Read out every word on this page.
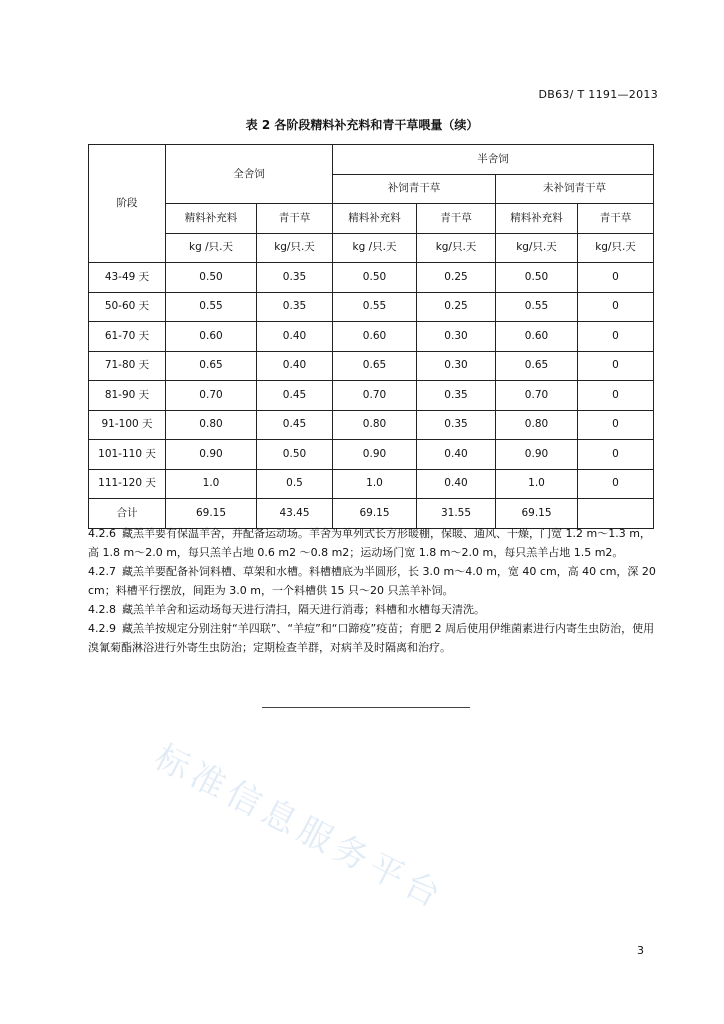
DB63/ T 1191—2013
表 2 各阶段精料补充料和青干草喂量（续）
阶段	全舍饲		半舍饲			
			补饲青干草		未补饲青干草	
	精料补充料	青干草	精料补充料	青干草	精料补充料	青干草
	kg /只.天	kg/只.天	kg /只.天	kg/只.天	kg/只.天	kg/只.天
43-49 天	0.50	0.35	0.50	0.25	0.50	0
50-60 天	0.55	0.35	0.55	0.25	0.55	0
61-70 天	0.60	0.40	0.60	0.30	0.60	0
71-80 天	0.65	0.40	0.65	0.30	0.65	0
81-90 天	0.70	0.45	0.70	0.35	0.70	0
91-100 天	0.80	0.45	0.80	0.35	0.80	0
101-110 天	0.90	0.50	0.90	0.40	0.90	0
111-120 天	1.0	0.5	1.0	0.40	1.0	0
合计	69.15	43.45	69.15	31.55	69.15	

4.2.6 藏羔羊要有保温羊舍，并配备运动场。羊舍为单列式长方形暖棚，保暖、通风、干燥，门宽 1.2 m～1.3 m，高 1.8 m～2.0 m，每只羔羊占地 0.6 m2 ～0.8 m2；运动场门宽 1.8 m～2.0 m，每只羔羊占地 1.5 m2。

4.2.7 藏羔羊要配备补饲料槽、草架和水槽。料槽槽底为半圆形，长 3.0 m～4.0 m，宽 40 cm，高 40 cm，深 20 cm；料槽平行摆放，间距为 3.0 m，一个料槽供 15 只～20 只羔羊补饲。

4.2.8 藏羔羊羊舍和运动场每天进行清扫，隔天进行消毒；料槽和水槽每天清洗。

4.2.9 藏羔羊按规定分别注射“羊四联”、“羊痘”和“口蹄疫”疫苗；育肥 2 周后使用伊维菌素进行内寄生虫防治，使用溴氰菊酯淋浴进行外寄生虫防治；定期检查羊群，对病羊及时隔离和治疗。

标准信息服务平台
3
